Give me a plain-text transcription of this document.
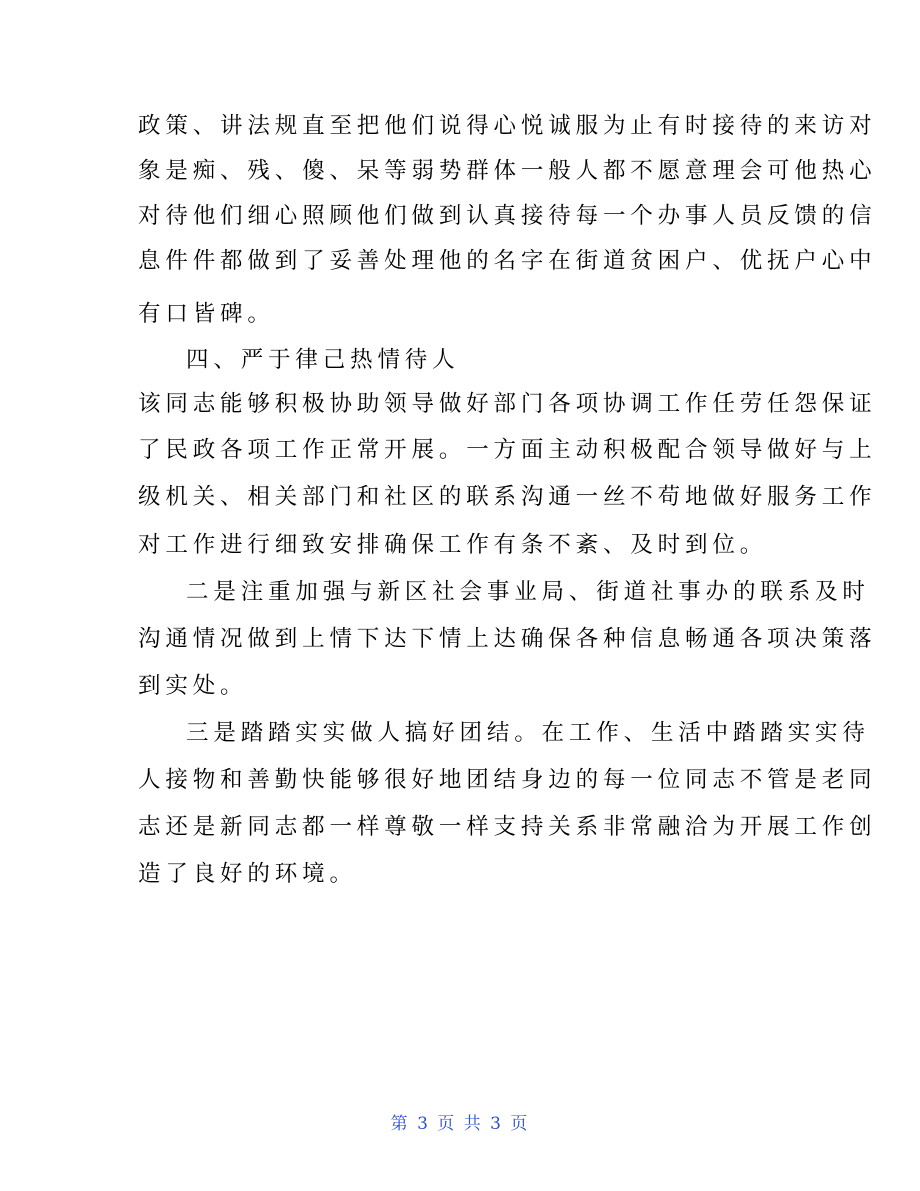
政策、讲法规直至把他们说得心悦诚服为止有时接待的来访对
象是痴、残、傻、呆等弱势群体一般人都不愿意理会可他热心
对待他们细心照顾他们做到认真接待每一个办事人员反馈的信
息件件都做到了妥善处理他的名字在街道贫困户、优抚户心中
有口皆碑。
四、严于律己热情待人
该同志能够积极协助领导做好部门各项协调工作任劳任怨保证
了民政各项工作正常开展。一方面主动积极配合领导做好与上
级机关、相关部门和社区的联系沟通一丝不苟地做好服务工作
对工作进行细致安排确保工作有条不紊、及时到位。
二是注重加强与新区社会事业局、街道社事办的联系及时
沟通情况做到上情下达下情上达确保各种信息畅通各项决策落
到实处。
三是踏踏实实做人搞好团结。在工作、生活中踏踏实实待
人接物和善勤快能够很好地团结身边的每一位同志不管是老同
志还是新同志都一样尊敬一样支持关系非常融洽为开展工作创
造了良好的环境。
第 3 页 共 3 页
